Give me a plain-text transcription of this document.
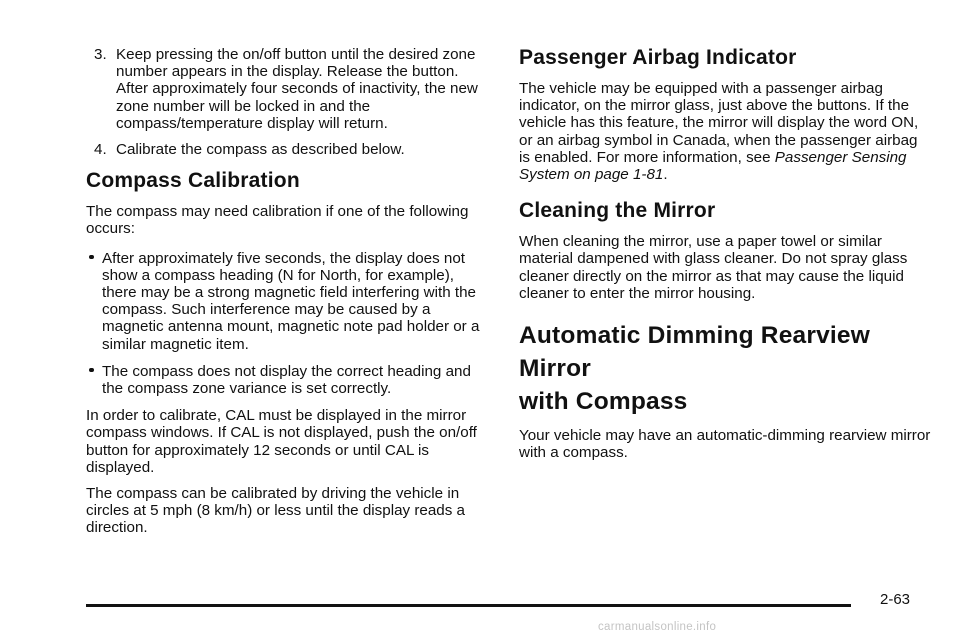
3. Keep pressing the on/off button until the desired zone number appears in the display. Release the button. After approximately four seconds of inactivity, the new zone number will be locked in and the compass/temperature display will return.
4. Calibrate the compass as described below.
Compass Calibration

The compass may need calibration if one of the following occurs:

After approximately five seconds, the display does not show a compass heading (N for North, for example), there may be a strong magnetic field interfering with the compass. Such interference may be caused by a magnetic antenna mount, magnetic note pad holder or a similar magnetic item.
The compass does not display the correct heading and the compass zone variance is set correctly.

In order to calibrate, CAL must be displayed in the mirror compass windows. If CAL is not displayed, push the on/off button for approximately 12 seconds or until CAL is displayed.

The compass can be calibrated by driving the vehicle in circles at 5 mph (8 km/h) or less until the display reads a direction.

Passenger Airbag Indicator

The vehicle may be equipped with a passenger airbag indicator, on the mirror glass, just above the buttons. If the vehicle has this feature, the mirror will display the word ON, or an airbag symbol in Canada, when the passenger airbag is enabled. For more information, see Passenger Sensing System on page 1-81.

Cleaning the Mirror

When cleaning the mirror, use a paper towel or similar material dampened with glass cleaner. Do not spray glass cleaner directly on the mirror as that may cause the liquid cleaner to enter the mirror housing.

Automatic Dimming Rearview Mirror
with Compass

Your vehicle may have an automatic-dimming rearview mirror with a compass.

2-63
carmanualsonline.info
